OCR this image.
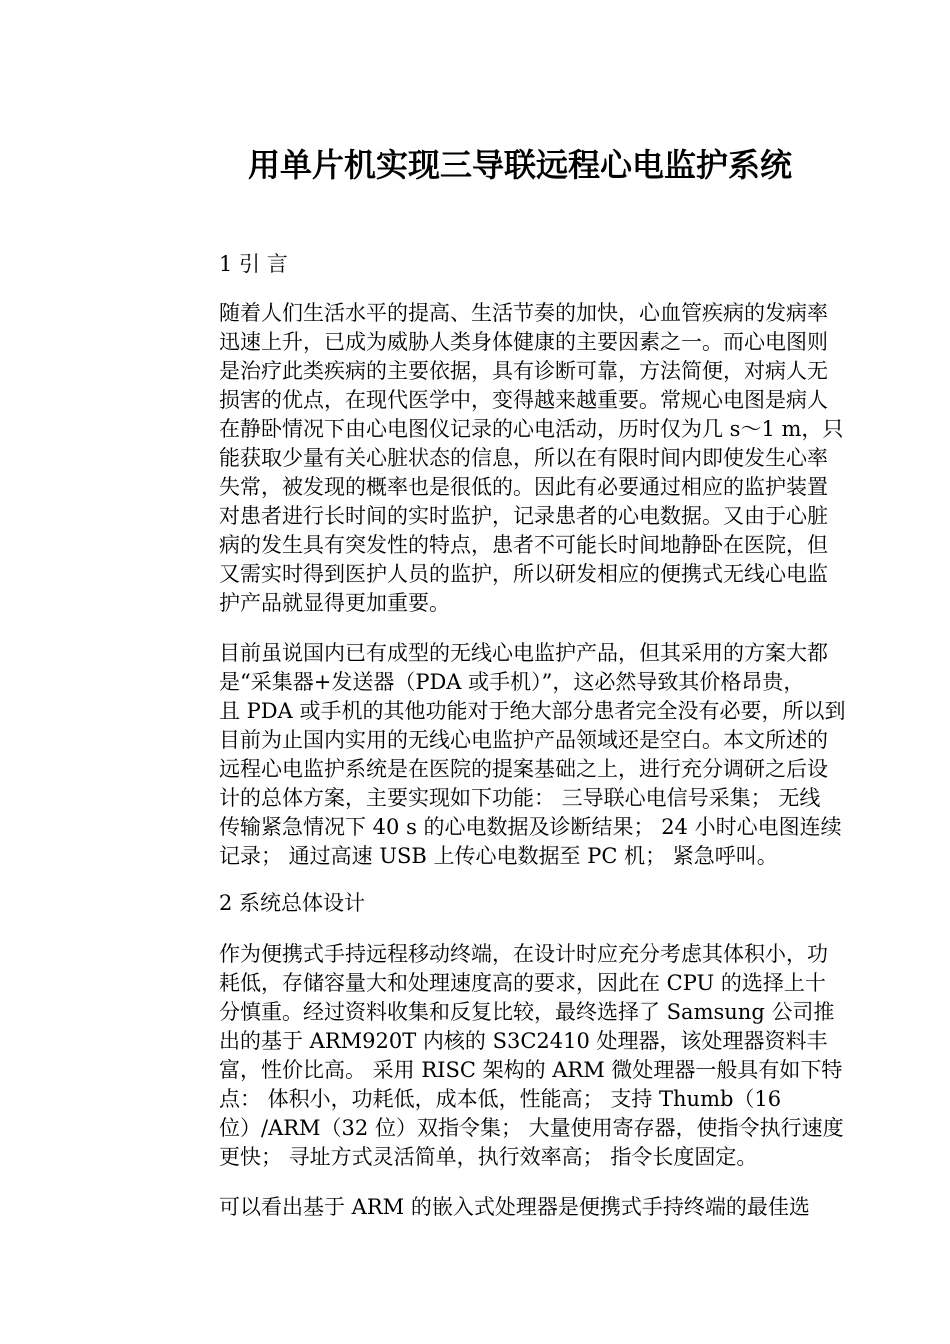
用单片机实现三导联远程心电监护系统
1 引 言
随着人们生活水平的提高、生活节奏的加快，心血管疾病的发病率
迅速上升，已成为威胁人类身体健康的主要因素之一。而心电图则
是治疗此类疾病的主要依据，具有诊断可靠，方法简便，对病人无
损害的优点，在现代医学中，变得越来越重要。常规心电图是病人
在静卧情况下由心电图仪记录的心电活动，历时仅为几 s～1 m，只
能获取少量有关心脏状态的信息，所以在有限时间内即使发生心率
失常，被发现的概率也是很低的。因此有必要通过相应的监护装置
对患者进行长时间的实时监护，记录患者的心电数据。又由于心脏
病的发生具有突发性的特点，患者不可能长时间地静卧在医院，但
又需实时得到医护人员的监护，所以研发相应的便携式无线心电监
护产品就显得更加重要。
目前虽说国内已有成型的无线心电监护产品，但其采用的方案大都
是“采集器+发送器（PDA 或手机）”，这必然导致其价格昂贵，
且 PDA 或手机的其他功能对于绝大部分患者完全没有必要，所以到
目前为止国内实用的无线心电监护产品领域还是空白。本文所述的
远程心电监护系统是在医院的提案基础之上，进行充分调研之后设
计的总体方案，主要实现如下功能： 三导联心电信号采集； 无线
传输紧急情况下 40 s 的心电数据及诊断结果； 24 小时心电图连续
记录； 通过高速 USB 上传心电数据至 PC 机； 紧急呼叫。
2 系统总体设计
作为便携式手持远程移动终端，在设计时应充分考虑其体积小，功
耗低，存储容量大和处理速度高的要求，因此在 CPU 的选择上十
分慎重。经过资料收集和反复比较，最终选择了 Samsung 公司推
出的基于 ARM920T 内核的 S3C2410 处理器，该处理器资料丰
富，性价比高。 采用 RISC 架构的 ARM 微处理器一般具有如下特
点： 体积小，功耗低，成本低，性能高； 支持 Thumb（16
位）/ARM（32 位）双指令集； 大量使用寄存器，使指令执行速度
更快； 寻址方式灵活简单，执行效率高； 指令长度固定。
可以看出基于 ARM 的嵌入式处理器是便携式手持终端的最佳选
